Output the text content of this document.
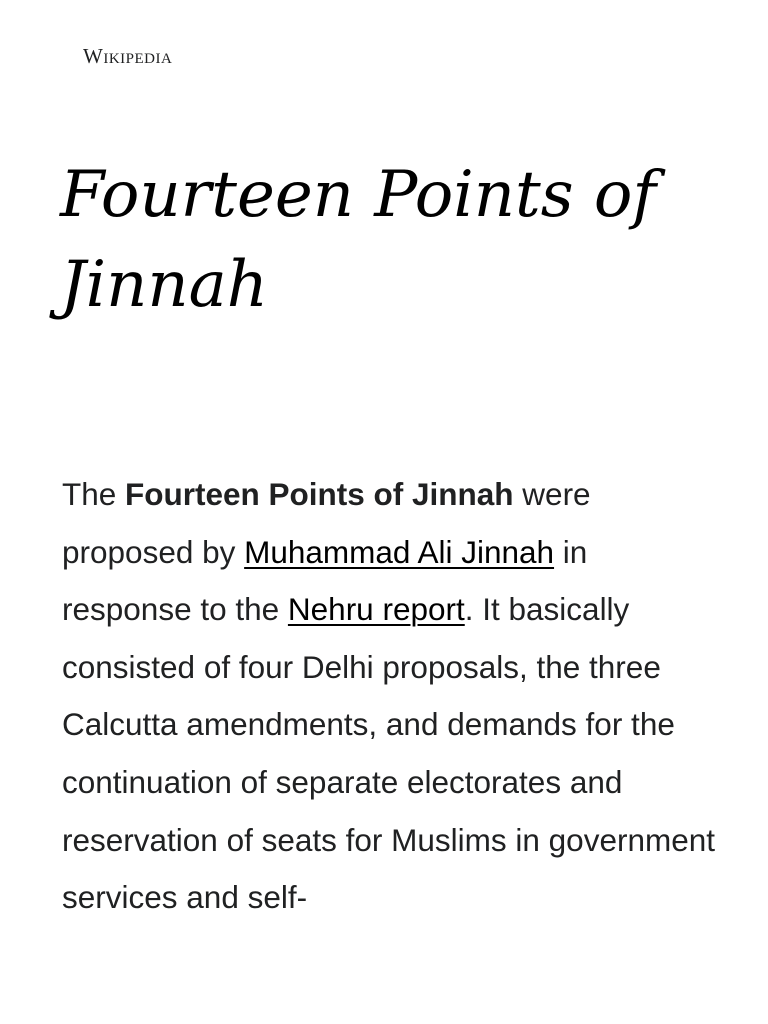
Wikipedia
Fourteen Points of Jinnah

The Fourteen Points of Jinnah were proposed by Muhammad Ali Jinnah in response to the Nehru report. It basically consisted of four Delhi proposals, the three Calcutta amendments, and demands for the continuation of separate electorates and reservation of seats for Muslims in government services and self-
